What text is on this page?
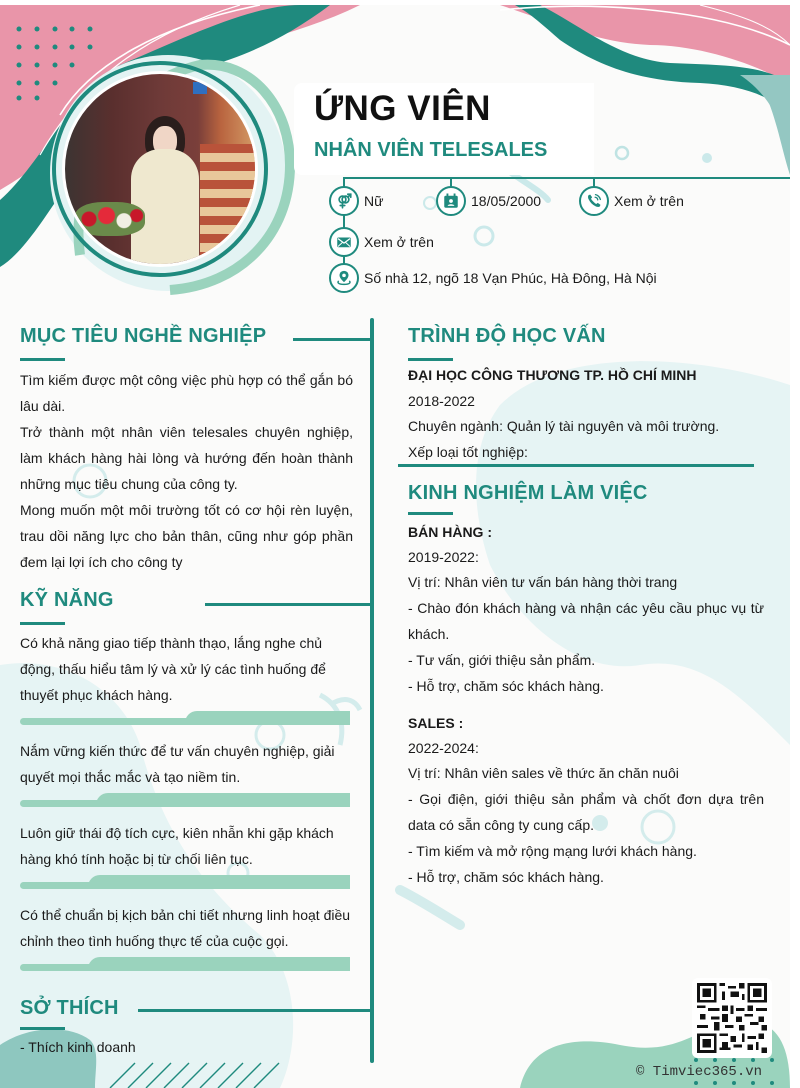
ỨNG VIÊN
NHÂN VIÊN TELESALES
Nữ	18/05/2000	Xem ở trên
Xem ở trên
Số nhà 12, ngõ 18 Vạn Phúc, Hà Đông, Hà Nội
MỤC TIÊU NGHỀ NGHIỆP

Tìm kiếm được một công việc phù hợp có thể gắn bó lâu dài.

Trở thành một nhân viên telesales chuyên nghiệp, làm khách hàng hài lòng và hướng đến hoàn thành những mục tiêu chung của công ty.

Mong muốn một môi trường tốt có cơ hội rèn luyện, trau dồi năng lực cho bản thân, cũng như góp phần đem lại lợi ích cho công ty

KỸ NĂNG
Có khả năng giao tiếp thành thạo, lắng nghe chủ động, thấu hiểu tâm lý và xử lý các tình huống để thuyết phục khách hàng.
Nắm vững kiến thức để tư vấn chuyên nghiệp, giải quyết mọi thắc mắc và tạo niềm tin.
Luôn giữ thái độ tích cực, kiên nhẫn khi gặp khách hàng khó tính hoặc bị từ chối liên tục.
Có thể chuẩn bị kịch bản chi tiết nhưng linh hoạt điều chỉnh theo tình huống thực tế của cuộc gọi.
SỞ THÍCH
- Thích kinh doanh
TRÌNH ĐỘ HỌC VẤN
ĐẠI HỌC CÔNG THƯƠNG TP. HỒ CHÍ MINH
2018-2022
Chuyên ngành: Quản lý tài nguyên và môi trường.
Xếp loại tốt nghiệp:
KINH NGHIỆM LÀM VIỆC
BÁN HÀNG :
2019-2022:
Vị trí: Nhân viên tư vấn bán hàng thời trang
- Chào đón khách hàng và nhận các yêu cầu phục vụ từ khách.
- Tư vấn, giới thiệu sản phẩm.
- Hỗ trợ, chăm sóc khách hàng.
SALES :
2022-2024:
Vị trí: Nhân viên sales về thức ăn chăn nuôi
- Gọi điện, giới thiệu sản phẩm và chốt đơn dựa trên data có sẵn công ty cung cấp.
- Tìm kiếm và mở rộng mạng lưới khách hàng.
- Hỗ trợ, chăm sóc khách hàng.
© Timviec365.vn
